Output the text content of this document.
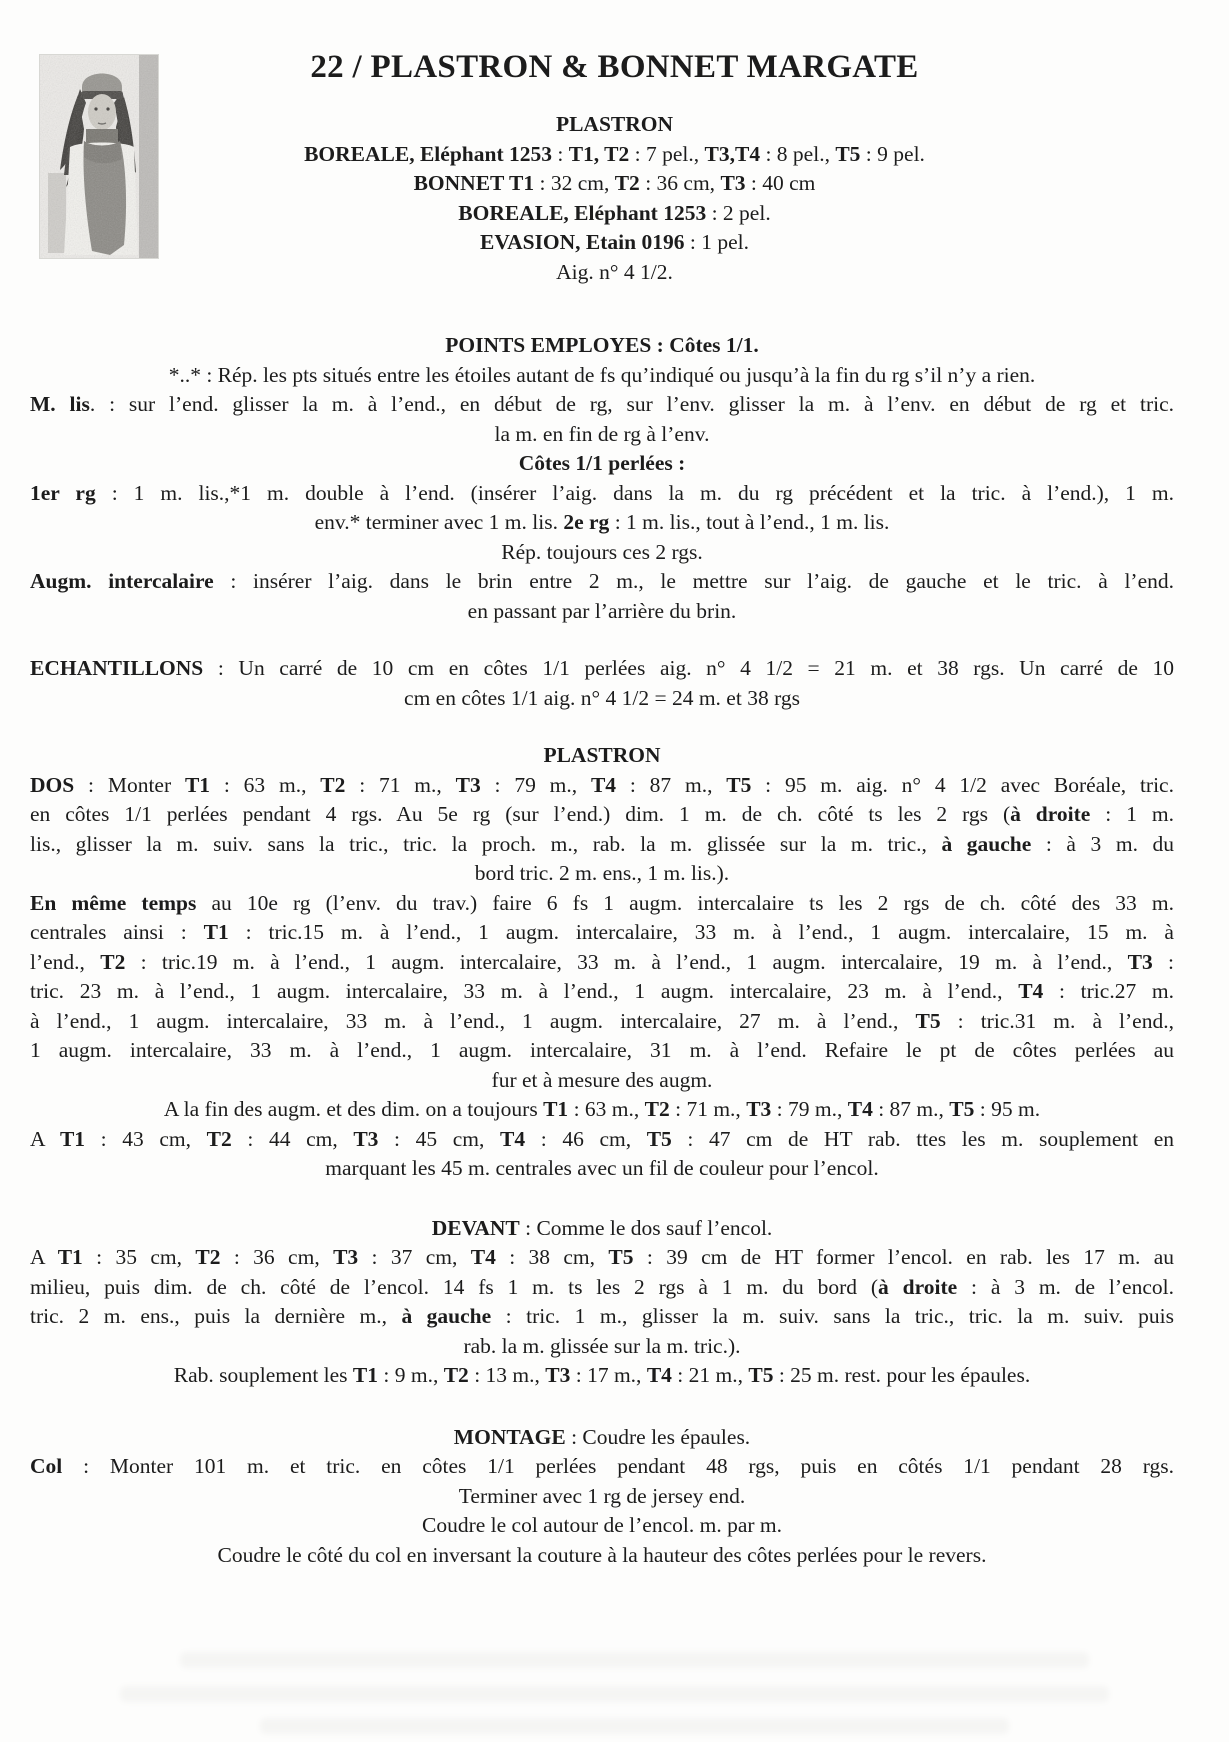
22 / PLASTRON & BONNET MARGATE
PLASTRON
BOREALE, Eléphant 1253 : T1, T2 : 7 pel., T3,T4 : 8 pel., T5 : 9 pel.
BONNET T1 : 32 cm, T2 : 36 cm, T3 : 40 cm
BOREALE, Eléphant 1253 : 2 pel.
EVASION, Etain 0196 : 1 pel.
Aig. n° 4 1/2.
POINTS EMPLOYES : Côtes 1/1.
*..* : Rép. les pts situés entre les étoiles autant de fs qu’indiqué ou jusqu’à la fin du rg s’il n’y a rien.
M. lis. : sur l’end. glisser la m. à l’end., en début de rg, sur l’env. glisser la m. à l’env. en début de rg et tric.
la m. en fin de rg à l’env.
Côtes 1/1 perlées :
1er rg : 1 m. lis.,*1 m. double à l’end. (insérer l’aig. dans la m. du rg précédent et la tric. à l’end.), 1 m.
env.* terminer avec 1 m. lis. 2e rg : 1 m. lis., tout à l’end., 1 m. lis.
Rép. toujours ces 2 rgs.
Augm. intercalaire : insérer l’aig. dans le brin entre 2 m., le mettre sur l’aig. de gauche et le tric. à l’end.
en passant par l’arrière du brin.
ECHANTILLONS : Un carré de 10 cm en côtes 1/1 perlées aig. n° 4 1/2 = 21 m. et 38 rgs. Un carré de 10
cm en côtes 1/1 aig. n° 4 1/2 = 24 m. et 38 rgs
PLASTRON
DOS : Monter T1 : 63 m., T2 : 71 m., T3 : 79 m., T4 : 87 m., T5 : 95 m. aig. n° 4 1/2 avec Boréale, tric.
en côtes 1/1 perlées pendant 4 rgs. Au 5e rg (sur l’end.) dim. 1 m. de ch. côté ts les 2 rgs (à droite : 1 m.
lis., glisser la m. suiv. sans la tric., tric. la proch. m., rab. la m. glissée sur la m. tric., à gauche : à 3 m. du
bord tric. 2 m. ens., 1 m. lis.).
En même temps au 10e rg (l’env. du trav.) faire 6 fs 1 augm. intercalaire ts les 2 rgs de ch. côté des 33 m.
centrales ainsi : T1 : tric.15 m. à l’end., 1 augm. intercalaire, 33 m. à l’end., 1 augm. intercalaire, 15 m. à
l’end., T2 : tric.19 m. à l’end., 1 augm. intercalaire, 33 m. à l’end., 1 augm. intercalaire, 19 m. à l’end., T3 :
tric. 23 m. à l’end., 1 augm. intercalaire, 33 m. à l’end., 1 augm. intercalaire, 23 m. à l’end., T4 : tric.27 m.
à l’end., 1 augm. intercalaire, 33 m. à l’end., 1 augm. intercalaire, 27 m. à l’end., T5 : tric.31 m. à l’end.,
1 augm. intercalaire, 33 m. à l’end., 1 augm. intercalaire, 31 m. à l’end. Refaire le pt de côtes perlées au
fur et à mesure des augm.
A la fin des augm. et des dim. on a toujours T1 : 63 m., T2 : 71 m., T3 : 79 m., T4 : 87 m., T5 : 95 m.
A T1 : 43 cm, T2 : 44 cm, T3 : 45 cm, T4 : 46 cm, T5 : 47 cm de HT rab. ttes les m. souplement en
marquant les 45 m. centrales avec un fil de couleur pour l’encol.
DEVANT : Comme le dos sauf l’encol.
A T1 : 35 cm, T2 : 36 cm, T3 : 37 cm, T4 : 38 cm, T5 : 39 cm de HT former l’encol. en rab. les 17 m. au
milieu, puis dim. de ch. côté de l’encol. 14 fs 1 m. ts les 2 rgs à 1 m. du bord (à droite : à 3 m. de l’encol.
tric. 2 m. ens., puis la dernière m., à gauche : tric. 1 m., glisser la m. suiv. sans la tric., tric. la m. suiv. puis
rab. la m. glissée sur la m. tric.).
Rab. souplement les T1 : 9 m., T2 : 13 m., T3 : 17 m., T4 : 21 m., T5 : 25 m. rest. pour les épaules.
MONTAGE : Coudre les épaules.
Col : Monter 101 m. et tric. en côtes 1/1 perlées pendant 48 rgs, puis en côtés 1/1 pendant 28 rgs.
Terminer avec 1 rg de jersey end.
Coudre le col autour de l’encol. m. par m.
Coudre le côté du col en inversant la couture à la hauteur des côtes perlées pour le revers.
